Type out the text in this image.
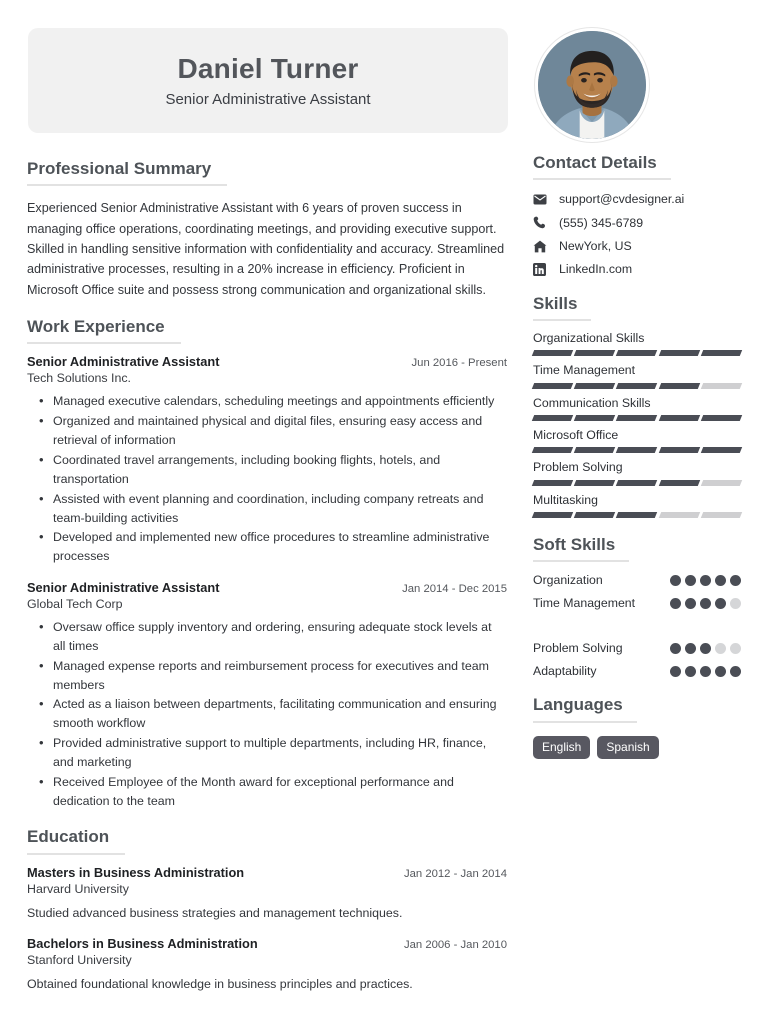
Daniel Turner
Senior Administrative Assistant
Professional Summary
Experienced Senior Administrative Assistant with 6 years of proven success in managing office operations, coordinating meetings, and providing executive support. Skilled in handling sensitive information with confidentiality and accuracy. Streamlined administrative processes, resulting in a 20% increase in efficiency. Proficient in Microsoft Office suite and possess strong communication and organizational skills.
Work Experience
Senior Administrative Assistant	Jun 2016 - Present
Tech Solutions Inc.
• Managed executive calendars, scheduling meetings and appointments efficiently
• Organized and maintained physical and digital files, ensuring easy access and retrieval of information
• Coordinated travel arrangements, including booking flights, hotels, and transportation
• Assisted with event planning and coordination, including company retreats and team-building activities
• Developed and implemented new office procedures to streamline administrative processes
Senior Administrative Assistant	Jan 2014 - Dec 2015
Global Tech Corp
• Oversaw office supply inventory and ordering, ensuring adequate stock levels at all times
• Managed expense reports and reimbursement process for executives and team members
• Acted as a liaison between departments, facilitating communication and ensuring smooth workflow
• Provided administrative support to multiple departments, including HR, finance, and marketing
• Received Employee of the Month award for exceptional performance and dedication to the team
Education
Masters in Business Administration	Jan 2012 - Jan 2014
Harvard University
Studied advanced business strategies and management techniques.
Bachelors in Business Administration	Jan 2006 - Jan 2010
Stanford University
Obtained foundational knowledge in business principles and practices.
Contact Details
support@cvdesigner.ai
(555) 345-6789
NewYork, US
LinkedIn.com
Skills
Organizational Skills
Time Management
Communication Skills
Microsoft Office
Problem Solving
Multitasking
Soft Skills
Organization
Time Management
Problem Solving
Adaptability
Languages
English	Spanish
